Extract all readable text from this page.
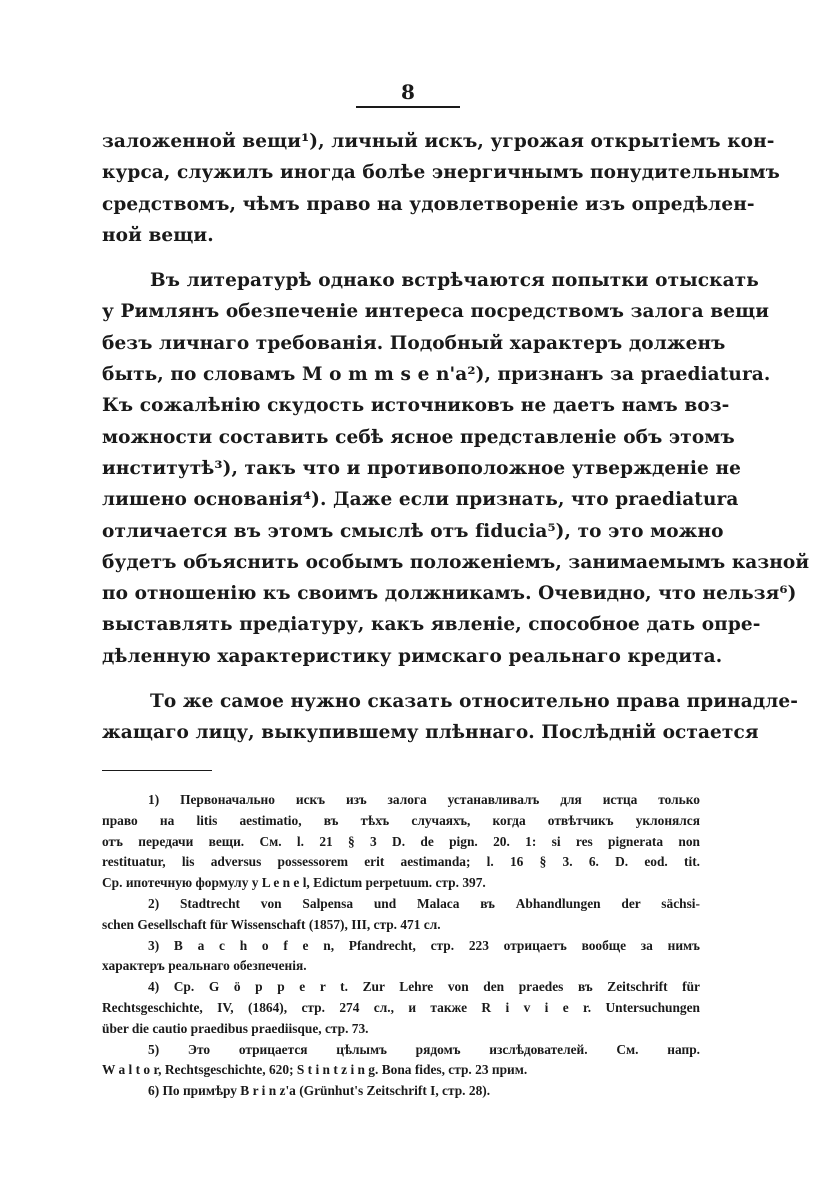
8
заложенной вещи¹), личный искъ, угрожая открытіемъ кон-
курса, служилъ иногда болѣе энергичнымъ понудительнымъ
средствомъ, чѣмъ право на удовлетвореніе изъ опредѣлен-
ной вещи.
Въ литературѣ однако встрѣчаются попытки отыскать
у Римлянъ обезпеченіе интереса посредствомъ залога вещи
безъ личнаго требованія. Подобный характеръ долженъ
быть, по словамъ M o m m s e n'a²), признанъ за praediatura.
Къ сожалѣнію скудость источниковъ не даетъ намъ воз-
можности составить себѣ ясное представленіе объ этомъ
институтѣ³), такъ что и противоположное утвержденіе не
лишено основанія⁴). Даже если признать, что praediatura
отличается въ этомъ смыслѣ отъ fiducia⁵), то это можно
будетъ объяснить особымъ положеніемъ, занимаемымъ казной
по отношенію къ своимъ должникамъ. Очевидно, что нельзя⁶)
выставлять предіатуру, какъ явленіе, способное дать опре-
дѣленную характеристику римскаго реальнаго кредита.
То же самое нужно сказать относительно права принадле-
жащаго лицу, выкупившему плѣннаго. Послѣдній остается
1) Первоначально искъ изъ залога устанавливалъ для истца только
право на litis aestimatio, въ тѣхъ случаяхъ, когда отвѣтчикъ уклонялся
отъ передачи вещи. См. l. 21 § 3 D. de pign. 20. 1: si res pignerata non
restituatur, lis adversus possessorem erit aestimanda; l. 16 § 3. 6. D. eod. tit.
Ср. ипотечную формулу у L e n e l, Edictum perpetuum. стр. 397.
2) Stadtrecht von Salpensa und Malaca въ Abhandlungen der sächsi-
schen Gesellschaft für Wissenschaft (1857), III, стр. 471 сл.
3) B a c h o f e n, Pfandrecht, стр. 223 отрицаетъ вообще за нимъ
характеръ реальнаго обезпеченія.
4) Ср. G ö p p e r t. Zur Lehre von den praedes въ Zeitschrift für
Rechtsgeschichte, IV, (1864), стр. 274 сл., и также R i v i e r. Untersuchungen
über die cautio praedibus praediisque, стр. 73.
5) Это отрицается цѣлымъ рядомъ изслѣдователей. См. напр.
W a l t o r, Rechtsgeschichte, 620; S t i n t z i n g. Bona fides, стр. 23 прим.
6) По примѣру B r i n z'a (Grünhut's Zeitschrift I, стр. 28).
